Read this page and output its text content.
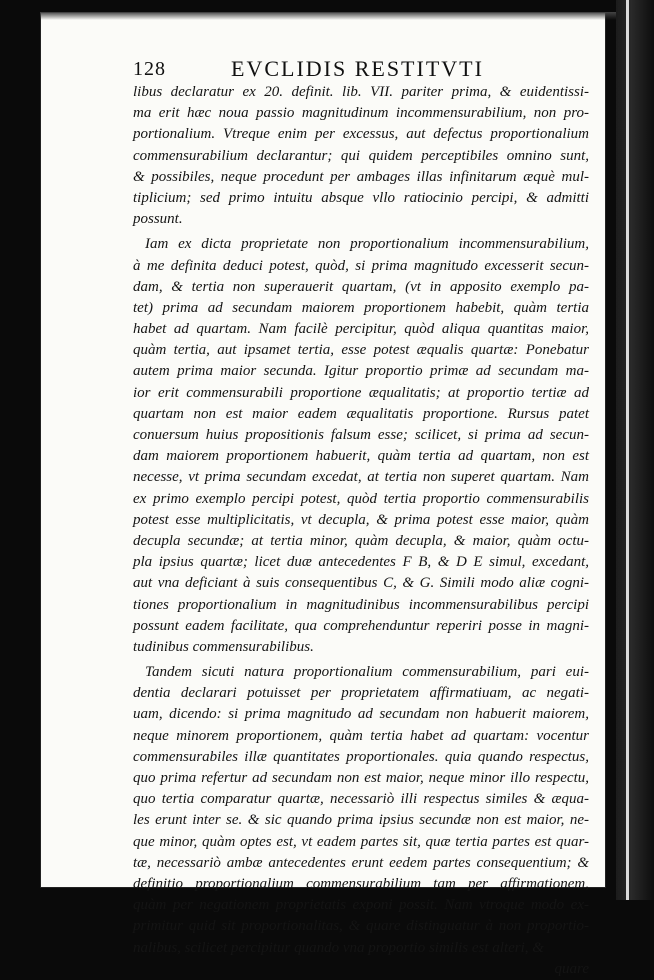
128	EVCLIDIS RESTITVTI
libus declaratur ex 20. definit. lib. VII. pariter prima, & euidentissi-
ma erit hæc noua passio magnitudinum incommensurabilium, non pro-
portionalium. Vtreque enim per excessus, aut defectus proportionalium
commensurabilium declarantur; qui quidem perceptibiles omnino sunt,
& possibiles, neque procedunt per ambages illas infinitarum æquè mul-
tiplicium; sed primo intuitu absque vllo ratiocinio percipi, & admitti
possunt.
Iam ex dicta proprietate non proportionalium incommensurabilium,
à me definita deduci potest, quòd, si prima magnitudo excesserit secun-
dam, & tertia non superauerit quartam, (vt in apposito exemplo pa-
tet) prima ad secundam maiorem proportionem habebit, quàm tertia
habet ad quartam. Nam facilè percipitur, quòd aliqua quantitas maior,
quàm tertia, aut ipsamet tertia, esse potest æqualis quartæ: Ponebatur
autem prima maior secunda. Igitur proportio primæ ad secundam ma-
ior erit commensurabili proportione æqualitatis; at proportio tertiæ ad
quartam non est maior eadem æqualitatis proportione. Rursus patet
conuersum huius propositionis falsum esse; scilicet, si prima ad secun-
dam maiorem proportionem habuerit, quàm tertia ad quartam, non est
necesse, vt prima secundam excedat, at tertia non superet quartam. Nam
ex primo exemplo percipi potest, quòd tertia proportio commensurabilis
potest esse multiplicitatis, vt decupla, & prima potest esse maior, quàm
decupla secundæ; at tertia minor, quàm decupla, & maior, quàm octu-
pla ipsius quartæ; licet duæ antecedentes F B, & D E simul, excedant,
aut vna deficiant à suis consequentibus C, & G. Simili modo aliæ cogni-
tiones proportionalium in magnitudinibus incommensurabilibus percipi
possunt eadem facilitate, qua comprehenduntur reperiri posse in magni-
tudinibus commensurabilibus.
Tandem sicuti natura proportionalium commensurabilium, pari eui-
dentia declarari potuisset per proprietatem affirmatiuam, ac negati-
uam, dicendo: si prima magnitudo ad secundam non habuerit maiorem,
neque minorem proportionem, quàm tertia habet ad quartam: vocentur
commensurabiles illæ quantitates proportionales. quia quando respectus,
quo prima refertur ad secundam non est maior, neque minor illo respectu,
quo tertia comparatur quartæ, necessariò illi respectus similes & æqua-
les erunt inter se. & sic quando prima ipsius secundæ non est maior, ne-
que minor, quàm optes est, vt eadem partes sit, quæ tertia partes est quar-
tæ, necessariò ambæ antecedentes erunt eedem partes consequentium; &
definitio proportionalium commensurabilium tam per affirmationem,
quàm per negationem proprietatis exponi possit. Nam vtroque modo ex-
primitur quid sit proportionalitas, & quare distinguatur à non proportio-
nalibus, scilicet percipitur quando vna proportio similis est alteri, &
quare
